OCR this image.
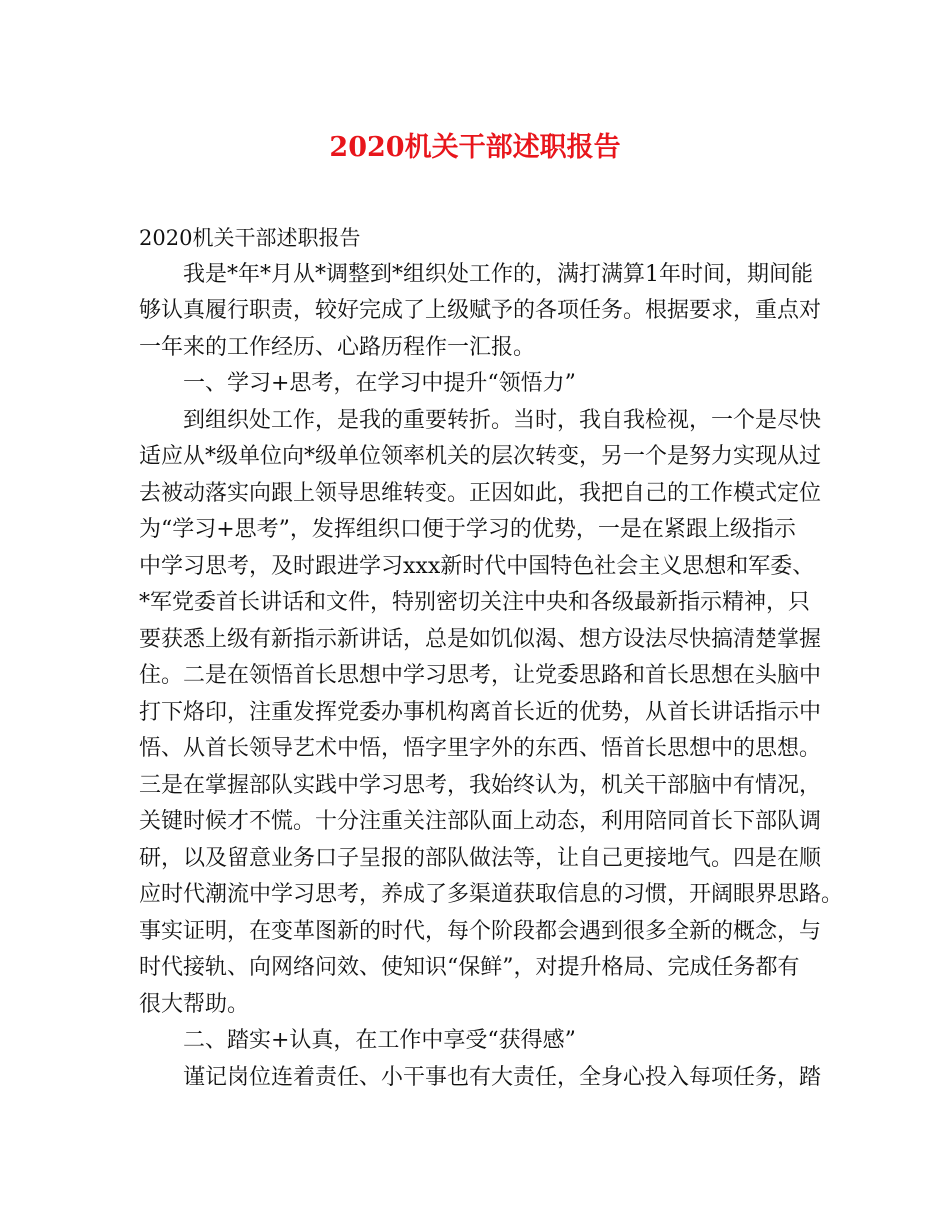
2020机关干部述职报告
2020机关干部述职报告
　　我是*年*月从*调整到*组织处工作的，满打满算1年时间，期间能
够认真履行职责，较好完成了上级赋予的各项任务。根据要求，重点对
一年来的工作经历、心路历程作一汇报。
　　一、学习+思考，在学习中提升“领悟力”
　　到组织处工作，是我的重要转折。当时，我自我检视，一个是尽快
适应从*级单位向*级单位领率机关的层次转变，另一个是努力实现从过
去被动落实向跟上领导思维转变。正因如此，我把自己的工作模式定位
为“学习+思考”，发挥组织口便于学习的优势，一是在紧跟上级指示
中学习思考，及时跟进学习xxx新时代中国特色社会主义思想和军委、
*军党委首长讲话和文件，特别密切关注中央和各级最新指示精神，只
要获悉上级有新指示新讲话，总是如饥似渴、想方设法尽快搞清楚掌握
住。二是在领悟首长思想中学习思考，让党委思路和首长思想在头脑中
打下烙印，注重发挥党委办事机构离首长近的优势，从首长讲话指示中
悟、从首长领导艺术中悟，悟字里字外的东西、悟首长思想中的思想。
三是在掌握部队实践中学习思考，我始终认为，机关干部脑中有情况，
关键时候才不慌。十分注重关注部队面上动态，利用陪同首长下部队调
研，以及留意业务口子呈报的部队做法等，让自己更接地气。四是在顺
应时代潮流中学习思考，养成了多渠道获取信息的习惯，开阔眼界思路。
事实证明，在变革图新的时代，每个阶段都会遇到很多全新的概念，与
时代接轨、向网络问效、使知识“保鲜”，对提升格局、完成任务都有
很大帮助。
　　二、踏实+认真，在工作中享受“获得感”
　　谨记岗位连着责任、小干事也有大责任，全身心投入每项任务，踏
